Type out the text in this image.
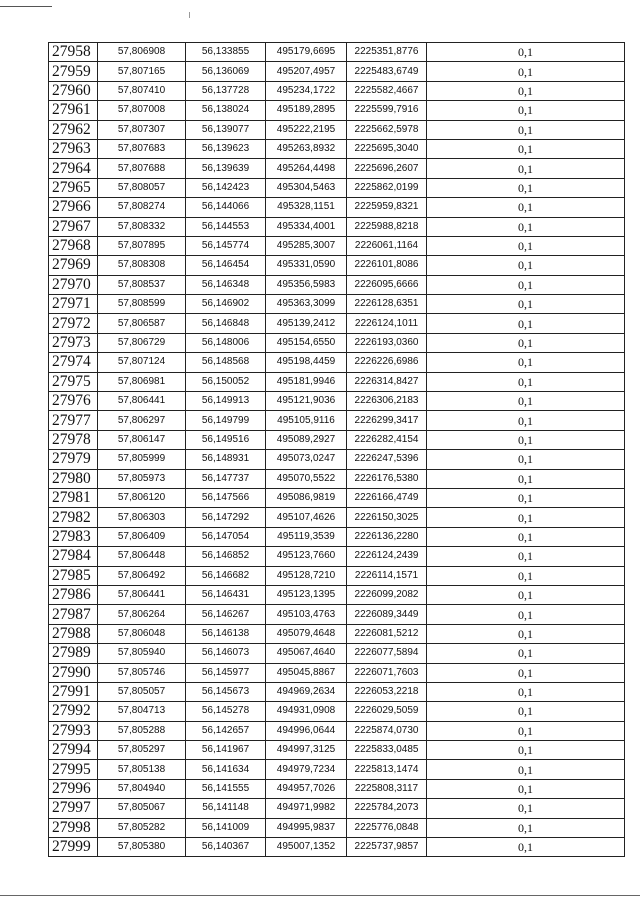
27958	57,806908	56,133855	495179,6695	2225351,8776	0,1
27959	57,807165	56,136069	495207,4957	2225483,6749	0,1
27960	57,807410	56,137728	495234,1722	2225582,4667	0,1
27961	57,807008	56,138024	495189,2895	2225599,7916	0,1
27962	57,807307	56,139077	495222,2195	2225662,5978	0,1
27963	57,807683	56,139623	495263,8932	2225695,3040	0,1
27964	57,807688	56,139639	495264,4498	2225696,2607	0,1
27965	57,808057	56,142423	495304,5463	2225862,0199	0,1
27966	57,808274	56,144066	495328,1151	2225959,8321	0,1
27967	57,808332	56,144553	495334,4001	2225988,8218	0,1
27968	57,807895	56,145774	495285,3007	2226061,1164	0,1
27969	57,808308	56,146454	495331,0590	2226101,8086	0,1
27970	57,808537	56,146348	495356,5983	2226095,6666	0,1
27971	57,808599	56,146902	495363,3099	2226128,6351	0,1
27972	57,806587	56,146848	495139,2412	2226124,1011	0,1
27973	57,806729	56,148006	495154,6550	2226193,0360	0,1
27974	57,807124	56,148568	495198,4459	2226226,6986	0,1
27975	57,806981	56,150052	495181,9946	2226314,8427	0,1
27976	57,806441	56,149913	495121,9036	2226306,2183	0,1
27977	57,806297	56,149799	495105,9116	2226299,3417	0,1
27978	57,806147	56,149516	495089,2927	2226282,4154	0,1
27979	57,805999	56,148931	495073,0247	2226247,5396	0,1
27980	57,805973	56,147737	495070,5522	2226176,5380	0,1
27981	57,806120	56,147566	495086,9819	2226166,4749	0,1
27982	57,806303	56,147292	495107,4626	2226150,3025	0,1
27983	57,806409	56,147054	495119,3539	2226136,2280	0,1
27984	57,806448	56,146852	495123,7660	2226124,2439	0,1
27985	57,806492	56,146682	495128,7210	2226114,1571	0,1
27986	57,806441	56,146431	495123,1395	2226099,2082	0,1
27987	57,806264	56,146267	495103,4763	2226089,3449	0,1
27988	57,806048	56,146138	495079,4648	2226081,5212	0,1
27989	57,805940	56,146073	495067,4640	2226077,5894	0,1
27990	57,805746	56,145977	495045,8867	2226071,7603	0,1
27991	57,805057	56,145673	494969,2634	2226053,2218	0,1
27992	57,804713	56,145278	494931,0908	2226029,5059	0,1
27993	57,805288	56,142657	494996,0644	2225874,0730	0,1
27994	57,805297	56,141967	494997,3125	2225833,0485	0,1
27995	57,805138	56,141634	494979,7234	2225813,1474	0,1
27996	57,804940	56,141555	494957,7026	2225808,3117	0,1
27997	57,805067	56,141148	494971,9982	2225784,2073	0,1
27998	57,805282	56,141009	494995,9837	2225776,0848	0,1
27999	57,805380	56,140367	495007,1352	2225737,9857	0,1
